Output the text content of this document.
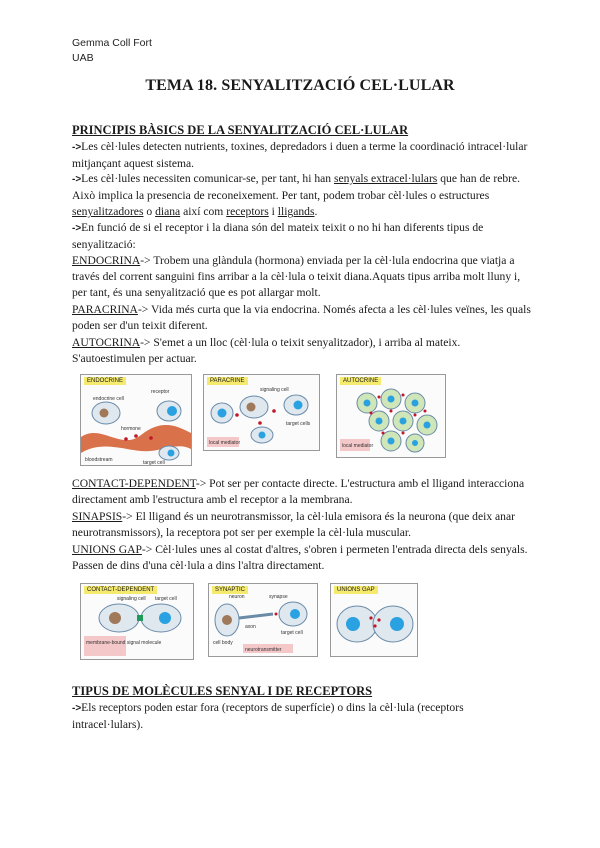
Gemma Coll Fort
UAB
TEMA 18. SENYALITZACIÓ CEL·LULAR
PRINCIPIS BÀSICS DE LA SENYALITZACIÓ CEL·LULAR
->Les cèl·lules detecten nutrients, toxines, depredadors i duen a terme la coordinació intracel·lular mitjançant aquest sistema.
->Les cèl·lules necessiten comunicar-se, per tant, hi han senyals extracel·lulars que han de rebre. Això implica la presencia de reconeixement. Per tant, podem trobar cèl·lules o estructures senyalitzadores o diana així com receptors i lligands.
->En funció de si el receptor i la diana són del mateix teixit o no hi han diferents tipus de senyalització:
ENDOCRINA-> Trobem una glàndula (hormona) enviada per la cèl·lula endocrina que viatja a través del corrent sanguini fins arribar a la cèl·lula o teixit diana.Aquats tipus arriba molt lluny i, per tant, és una senyalització que es pot allargar molt.
PARACRINA-> Vida més curta que la via endocrina. Només afecta a les cèl·lules veïnes, les quals poden ser d'un teixit diferent.
AUTOCRINA-> S'emet a un lloc (cèl·lula o teixit senyalitzador), i arriba al mateix. S'autoestimulen per actuar.
endocrine cell
receptor
hormone
bloodstream	target cell
ENDOCRINE
signaling cell
target cells
local mediator
PARACRINE
local mediator
AUTOCRINE
CONTACT-DEPENDENT-> Pot ser per contacte directe. L'estructura amb el lligand interacciona directament amb l'estructura amb el receptor a la membrana.
SINAPSIS-> El lligand és un neurotransmissor, la cèl·lula emisora és la neurona (que deix anar neurotransmissors), la receptora pot ser per exemple la cèl·lula muscular.
UNIONS GAP-> Cèl·lules unes al costat d'altres, s'obren i permeten l'entrada directa dels senyals. Passen de dins d'una cèl·lula a dins l'altra directament.
signaling cell target cell
membrane-bound signal molecule
CONTACT-DEPENDENT
neuron	synapse
axon
cell body
target cell
neurotransmitter
SYNAPTIC	UNIONS GAP
TIPUS DE MOLÈCULES SENYAL I DE RECEPTORS
->Els receptors poden estar fora (receptors de superfície) o dins la cèl·lula (receptors intracel·lulars).
